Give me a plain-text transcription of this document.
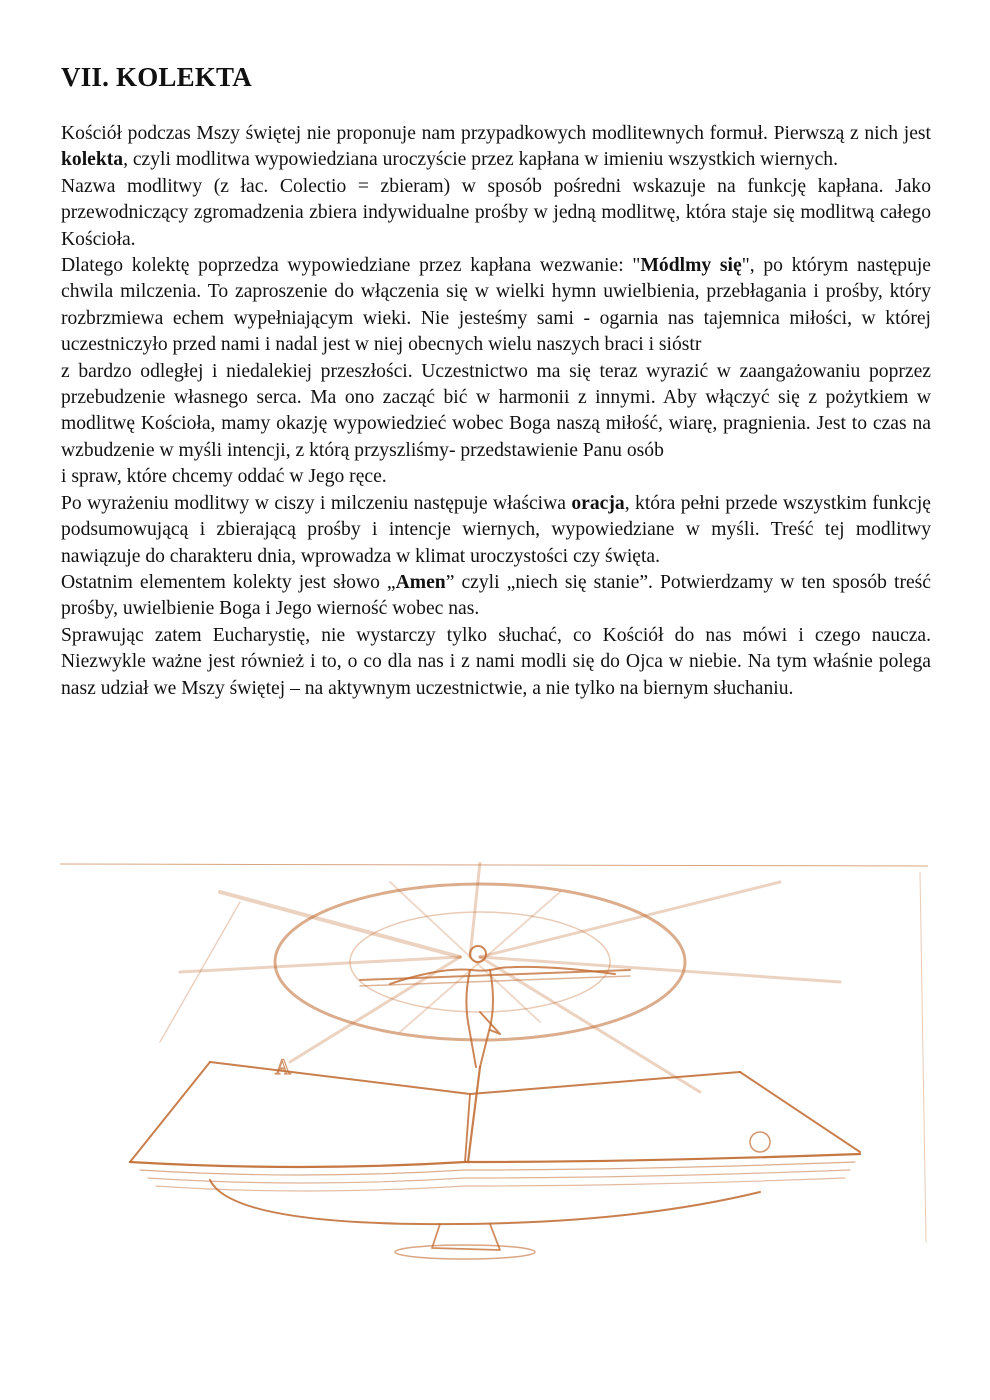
VII. KOLEKTA

Kościół podczas Mszy świętej nie proponuje nam przypadkowych modlitewnych formuł. Pierwszą z nich jest kolekta, czyli modlitwa wypowiedziana uroczyście przez kapłana w imieniu wszystkich wiernych.

Nazwa modlitwy (z łac. Colectio = zbieram) w sposób pośredni wskazuje na funkcję kapłana. Jako przewodniczący zgromadzenia zbiera indywidualne prośby w jedną modlitwę, która staje się modlitwą całego Kościoła.

Dlatego kolektę poprzedza wypowiedziane przez kapłana wezwanie: "Módlmy się", po którym następuje chwila milczenia. To zaproszenie do włączenia się w wielki hymn uwielbienia, przebłagania i prośby, który rozbrzmiewa echem wypełniającym wieki. Nie jesteśmy sami - ogarnia nas tajemnica miłości, w której uczestniczyło przed nami i nadal jest w niej obecnych wielu naszych braci i sióstr

z bardzo odległej i niedalekiej przeszłości. Uczestnictwo ma się teraz wyrazić w zaangażowaniu poprzez przebudzenie własnego serca. Ma ono zacząć bić w harmonii z innymi. Aby włączyć się z pożytkiem w modlitwę Kościoła, mamy okazję wypowiedzieć wobec Boga naszą miłość, wiarę, pragnienia. Jest to czas na wzbudzenie w myśli intencji, z którą przyszliśmy- przedstawienie Panu osób

i spraw, które chcemy oddać w Jego ręce.

Po wyrażeniu modlitwy w ciszy i milczeniu następuje właściwa oracja, która pełni przede wszystkim funkcję podsumowującą i zbierającą prośby i intencje wiernych, wypowiedziane w myśli. Treść tej modlitwy nawiązuje do charakteru dnia, wprowadza w klimat uroczystości czy święta.

Ostatnim elementem kolekty jest słowo „Amen” czyli „niech się stanie”. Potwierdzamy w ten sposób treść prośby, uwielbienie Boga i Jego wierność wobec nas.

Sprawując zatem Eucharystię, nie wystarczy tylko słuchać, co Kościół do nas mówi i czego naucza. Niezwykle ważne jest również i to, o co dla nas i z nami modli się do Ojca w niebie. Na tym właśnie polega nasz udział we Mszy świętej – na aktywnym uczestnictwie, a nie tylko na biernym słuchaniu.

A
